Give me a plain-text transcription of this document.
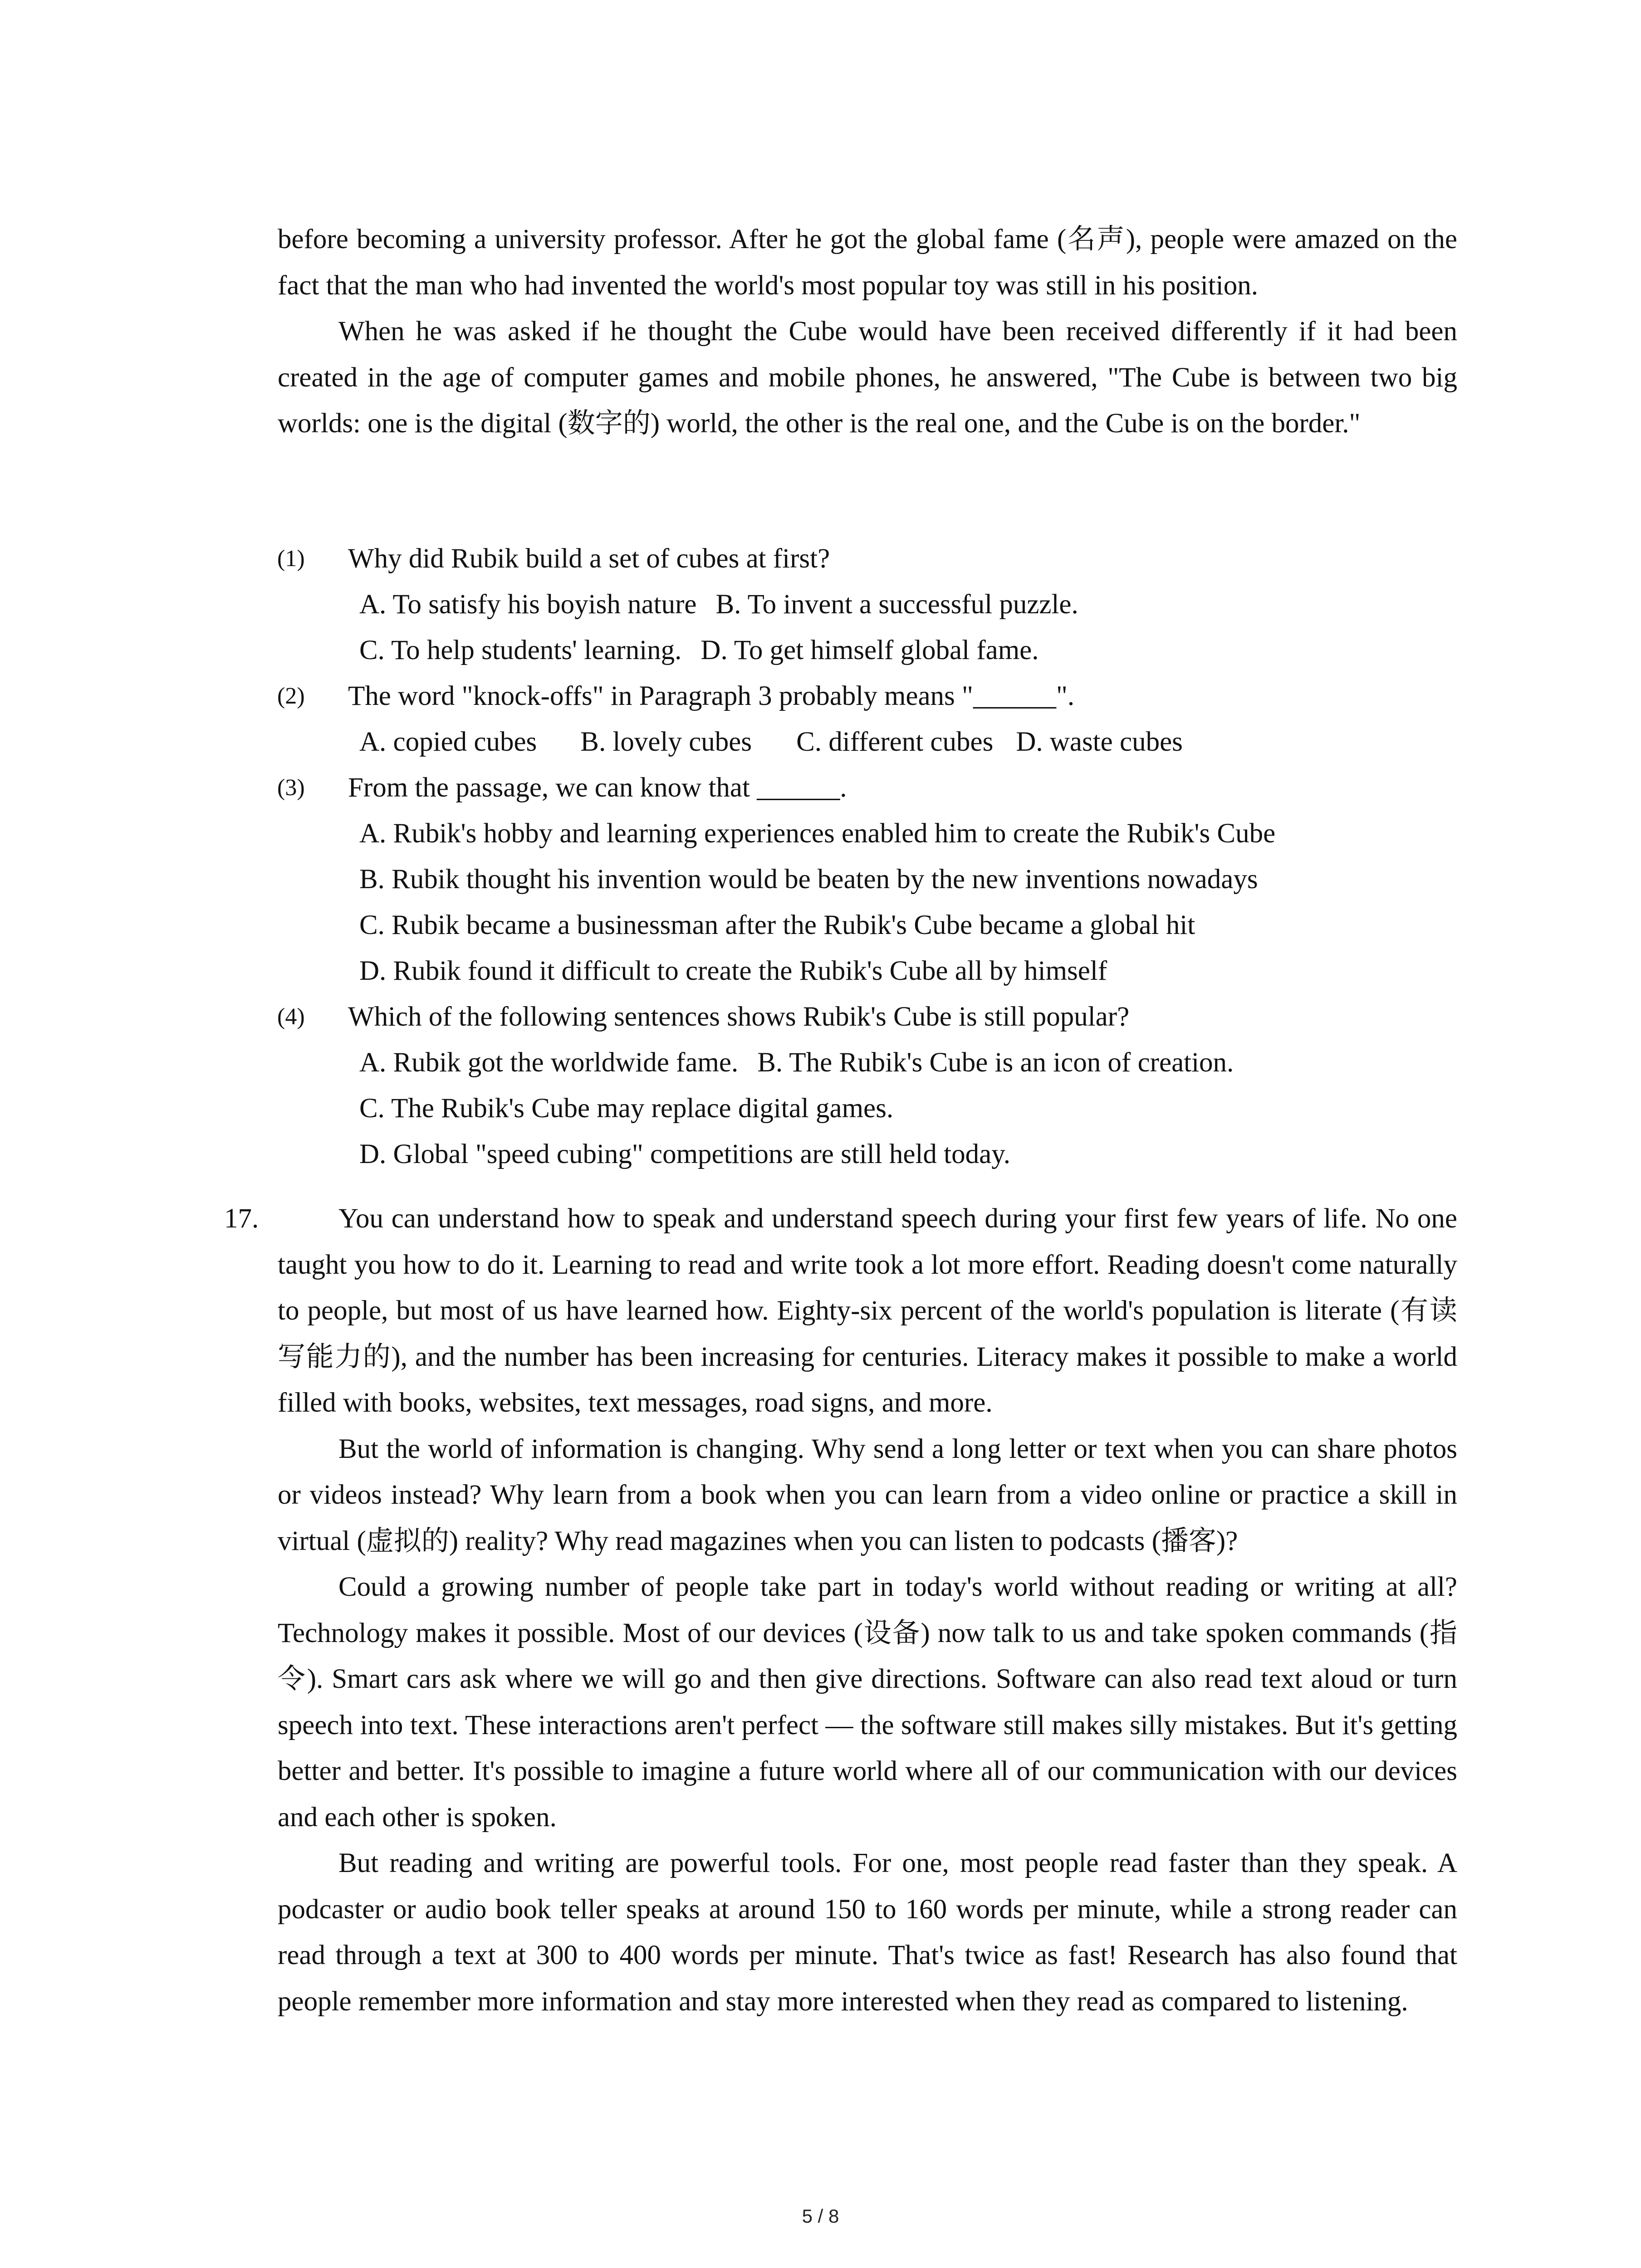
before becoming a university professor. After he got the global fame (名声), people were amazed on the fact that the man who had invented the world's most popular toy was still in his position.

When he was asked if he thought the Cube would have been received differently if it had been created in the age of computer games and mobile phones, he answered, "The Cube is between two big worlds: one is the digital (数字的) world, the other is the real one, and the Cube is on the border."

(1) Why did Rubik build a set of cubes at first?
A. To satisfy his boyish nature B. To invent a successful puzzle.
C. To help students' learning. D. To get himself global fame.
(2) The word "knock-offs" in Paragraph 3 probably means "______".
A. copied cubes B. lovely cubes C. different cubes D. waste cubes
(3) From the passage, we can know that ______.
A. Rubik's hobby and learning experiences enabled him to create the Rubik's Cube
B. Rubik thought his invention would be beaten by the new inventions nowadays
C. Rubik became a businessman after the Rubik's Cube became a global hit
D. Rubik found it difficult to create the Rubik's Cube all by himself
(4) Which of the following sentences shows Rubik's Cube is still popular?
A. Rubik got the worldwide fame. B. The Rubik's Cube is an icon of creation.
C. The Rubik's Cube may replace digital games.
D. Global "speed cubing" competitions are still held today.
17.	You can understand how to speak and understand speech during your first few years of life. No one taught you how to do it. Learning to read and write took a lot more effort. Reading doesn't come naturally to people, but most of us have learned how. Eighty-six percent of the world's population is literate (有读写能力的), and the number has been increasing for centuries. Literacy makes it possible to make a world filled with books, websites, text messages, road signs, and more.

But the world of information is changing. Why send a long letter or text when you can share photos or videos instead? Why learn from a book when you can learn from a video online or practice a skill in virtual (虚拟的) reality? Why read magazines when you can listen to podcasts (播客)?

Could a growing number of people take part in today's world without reading or writing at all? Technology makes it possible. Most of our devices (设备) now talk to us and take spoken commands (指令). Smart cars ask where we will go and then give directions. Software can also read text aloud or turn speech into text. These interactions aren't perfect — the software still makes silly mistakes. But it's getting better and better. It's possible to imagine a future world where all of our communication with our devices and each other is spoken.

But reading and writing are powerful tools. For one, most people read faster than they speak. A podcaster or audio book teller speaks at around 150 to 160 words per minute, while a strong reader can read through a text at 300 to 400 words per minute. That's twice as fast! Research has also found that people remember more information and stay more interested when they read as compared to listening.

5 / 8
